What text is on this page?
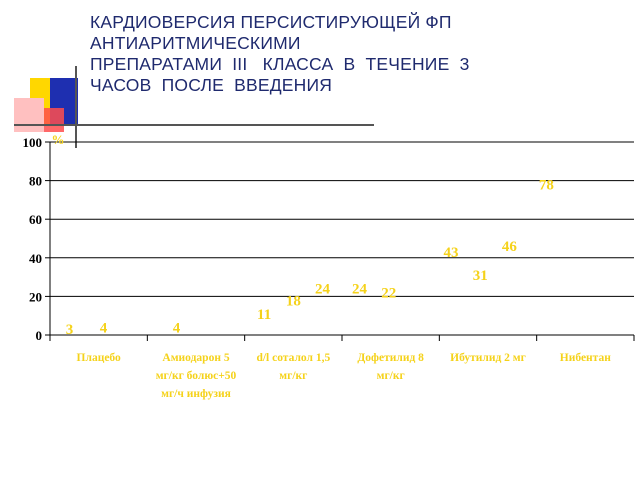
КАРДИОВЕРСИЯ ПЕРСИСТИРУЮЩЕЙ ФП
АНТИАРИТМИЧЕСКИМИ
ПРЕПАРАТАМИ  III   КЛАССА  В  ТЕЧЕНИЕ  3
ЧАСОВ  ПОСЛЕ  ВВЕДЕНИЯ
0
20
40
60
80
100 %
Плацебо	Амиодарон 5
мг/кг болюс+50
мг/ч инфузия
d/l соталол 1,5
мг/кг
Дофетилид 8
мг/кг
Ибутилид 2 мг	Нибентан
3 4	4
11
18
24 24 22
43
31
46
78
